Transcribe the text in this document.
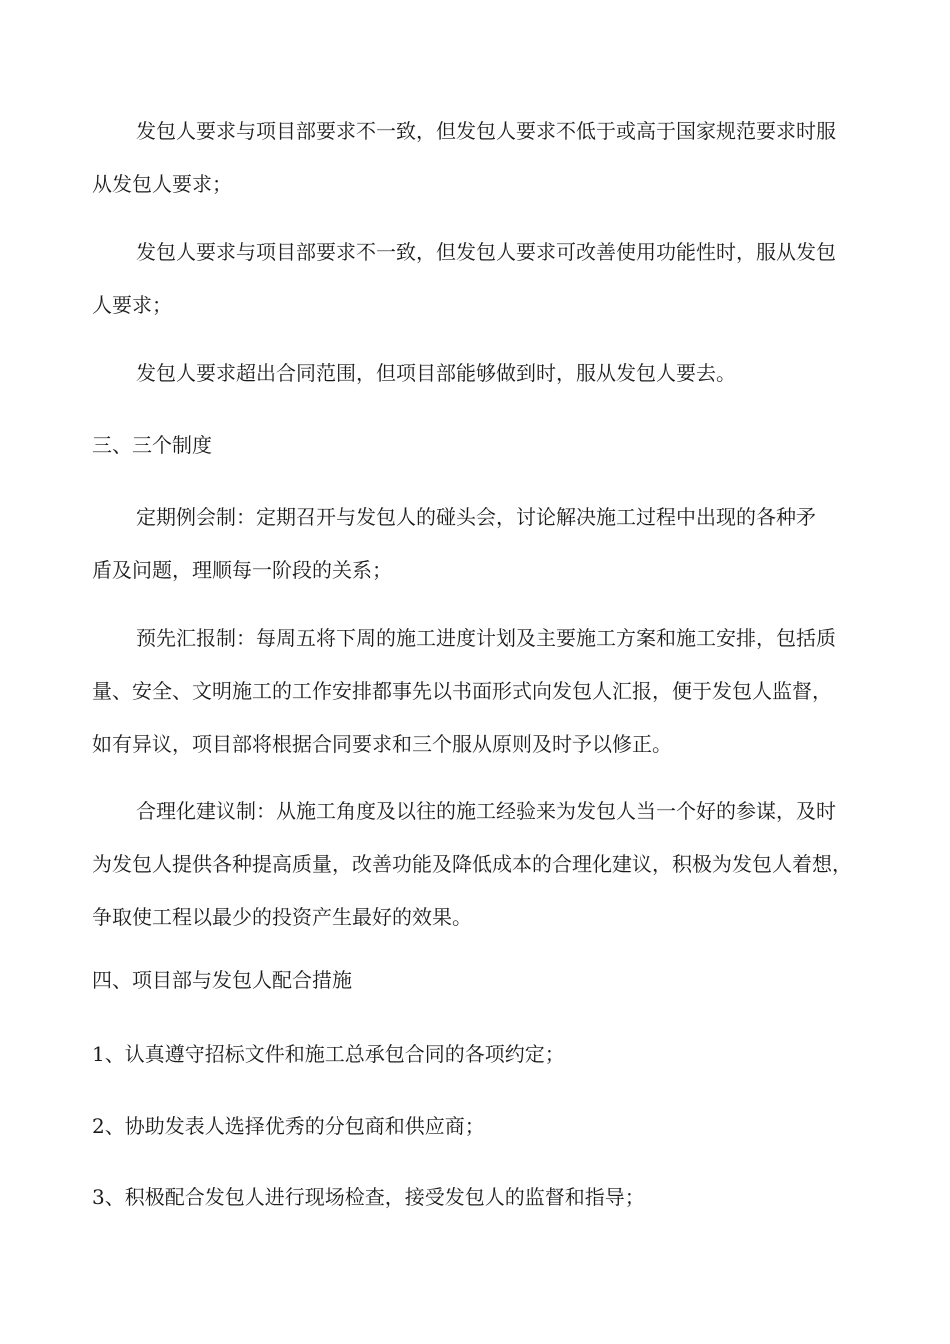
发包人要求与项目部要求不一致，但发包人要求不低于或高于国家规范要求时服
从发包人要求；
发包人要求与项目部要求不一致，但发包人要求可改善使用功能性时，服从发包
人要求；
发包人要求超出合同范围，但项目部能够做到时，服从发包人要去。
三、三个制度
定期例会制：定期召开与发包人的碰头会，讨论解决施工过程中出现的各种矛
盾及问题，理顺每一阶段的关系；
预先汇报制：每周五将下周的施工进度计划及主要施工方案和施工安排，包括质
量、安全、文明施工的工作安排都事先以书面形式向发包人汇报，便于发包人监督，
如有异议，项目部将根据合同要求和三个服从原则及时予以修正。
合理化建议制：从施工角度及以往的施工经验来为发包人当一个好的参谋，及时
为发包人提供各种提高质量，改善功能及降低成本的合理化建议，积极为发包人着想，
争取使工程以最少的投资产生最好的效果。
四、项目部与发包人配合措施
1、认真遵守招标文件和施工总承包合同的各项约定；
2、协助发表人选择优秀的分包商和供应商；
3、积极配合发包人进行现场检查，接受发包人的监督和指导；
